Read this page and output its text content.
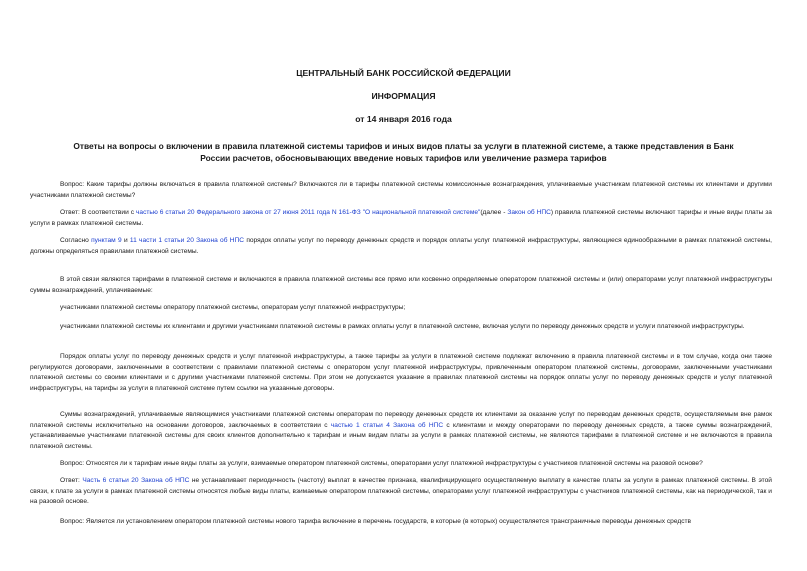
ЦЕНТРАЛЬНЫЙ БАНК РОССИЙСКОЙ ФЕДЕРАЦИИ

ИНФОРМАЦИЯ

от 14 января 2016 года

Ответы на вопросы о включении в правила платежной системы тарифов и иных видов платы за услуги в платежной системе, а также представления в Банк России расчетов, обосновывающих введение новых тарифов или увеличение размера тарифов

Вопрос: Какие тарифы должны включаться в правила платежной системы? Включаются ли в тарифы платежной системы комиссионные вознаграждения, уплачиваемые участникам платежной системы их клиентами и другими участниками платежной системы?

Ответ: В соответствии с частью 6 статьи 20 Федерального закона от 27 июня 2011 года N 161-ФЗ "О национальной платежной системе"(далее - Закон об НПС) правила платежной системы включают тарифы и иные виды платы за услуги в рамках платежной системы.

Согласно пунктам 9 и 11 части 1 статьи 20 Закона об НПС порядок оплаты услуг по переводу денежных средств и порядок оплаты услуг платежной инфраструктуры, являющиеся единообразными в рамках платежной системы, должны определяться правилами платежной системы.

В этой связи являются тарифами в платежной системе и включаются в правила платежной системы все прямо или косвенно определяемые оператором платежной системы и (или) операторами услуг платежной инфраструктуры суммы вознаграждений, уплачиваемые:

участниками платежной системы оператору платежной системы, операторам услуг платежной инфраструктуры;

участниками платежной системы их клиентами и другими участниками платежной системы в рамках оплаты услуг в платежной системе, включая услуги по переводу денежных средств и услуги платежной инфраструктуры.

Порядок оплаты услуг по переводу денежных средств и услуг платежной инфраструктуры, а также тарифы за услуги в платежной системе подлежат включению в правила платежной системы и в том случае, когда они также регулируются договорами, заключенными в соответствии с правилами платежной системы с оператором услуг платежной инфраструктуры, привлеченным оператором платежной системы, договорами, заключенными участниками платежной системы со своими клиентами и с другими участниками платежной системы. При этом не допускается указание в правилах платежной системы на порядок оплаты услуг по переводу денежных средств и услуг платежной инфраструктуры, на тарифы за услуги в платежной системе путем ссылки на указанные договоры.

Суммы вознаграждений, уплачиваемые являющимися участниками платежной системы операторам по переводу денежных средств их клиентами за оказание услуг по переводам денежных средств, осуществляемым вне рамок платежной системы исключительно на основании договоров, заключаемых в соответствии с частью 1 статьи 4 Закона об НПС с клиентами и между операторами по переводу денежных средств, а также суммы вознаграждений, устанавливаемые участниками платежной системы для своих клиентов дополнительно к тарифам и иным видам платы за услуги в рамках платежной системы, не являются тарифами в платежной системе и не включаются в правила платежной системы.

Вопрос: Относятся ли к тарифам иные виды платы за услуги, взимаемые оператором платежной системы, операторами услуг платежной инфраструктуры с участников платежной системы на разовой основе?

Ответ: Часть 6 статьи 20 Закона об НПС не устанавливает периодичность (частоту) выплат в качестве признака, квалифицирующего осуществляемую выплату в качестве платы за услуги в рамках платежной системы. В этой связи, к плате за услуги в рамках платежной системы относятся любые виды платы, взимаемые оператором платежной системы, операторами услуг платежной инфраструктуры с участников платежной системы, как на периодической, так и на разовой основе.

Вопрос: Является ли установлением оператором платежной системы нового тарифа включение в перечень государств, в которые (в которых) осуществляется трансграничные переводы денежных средств
